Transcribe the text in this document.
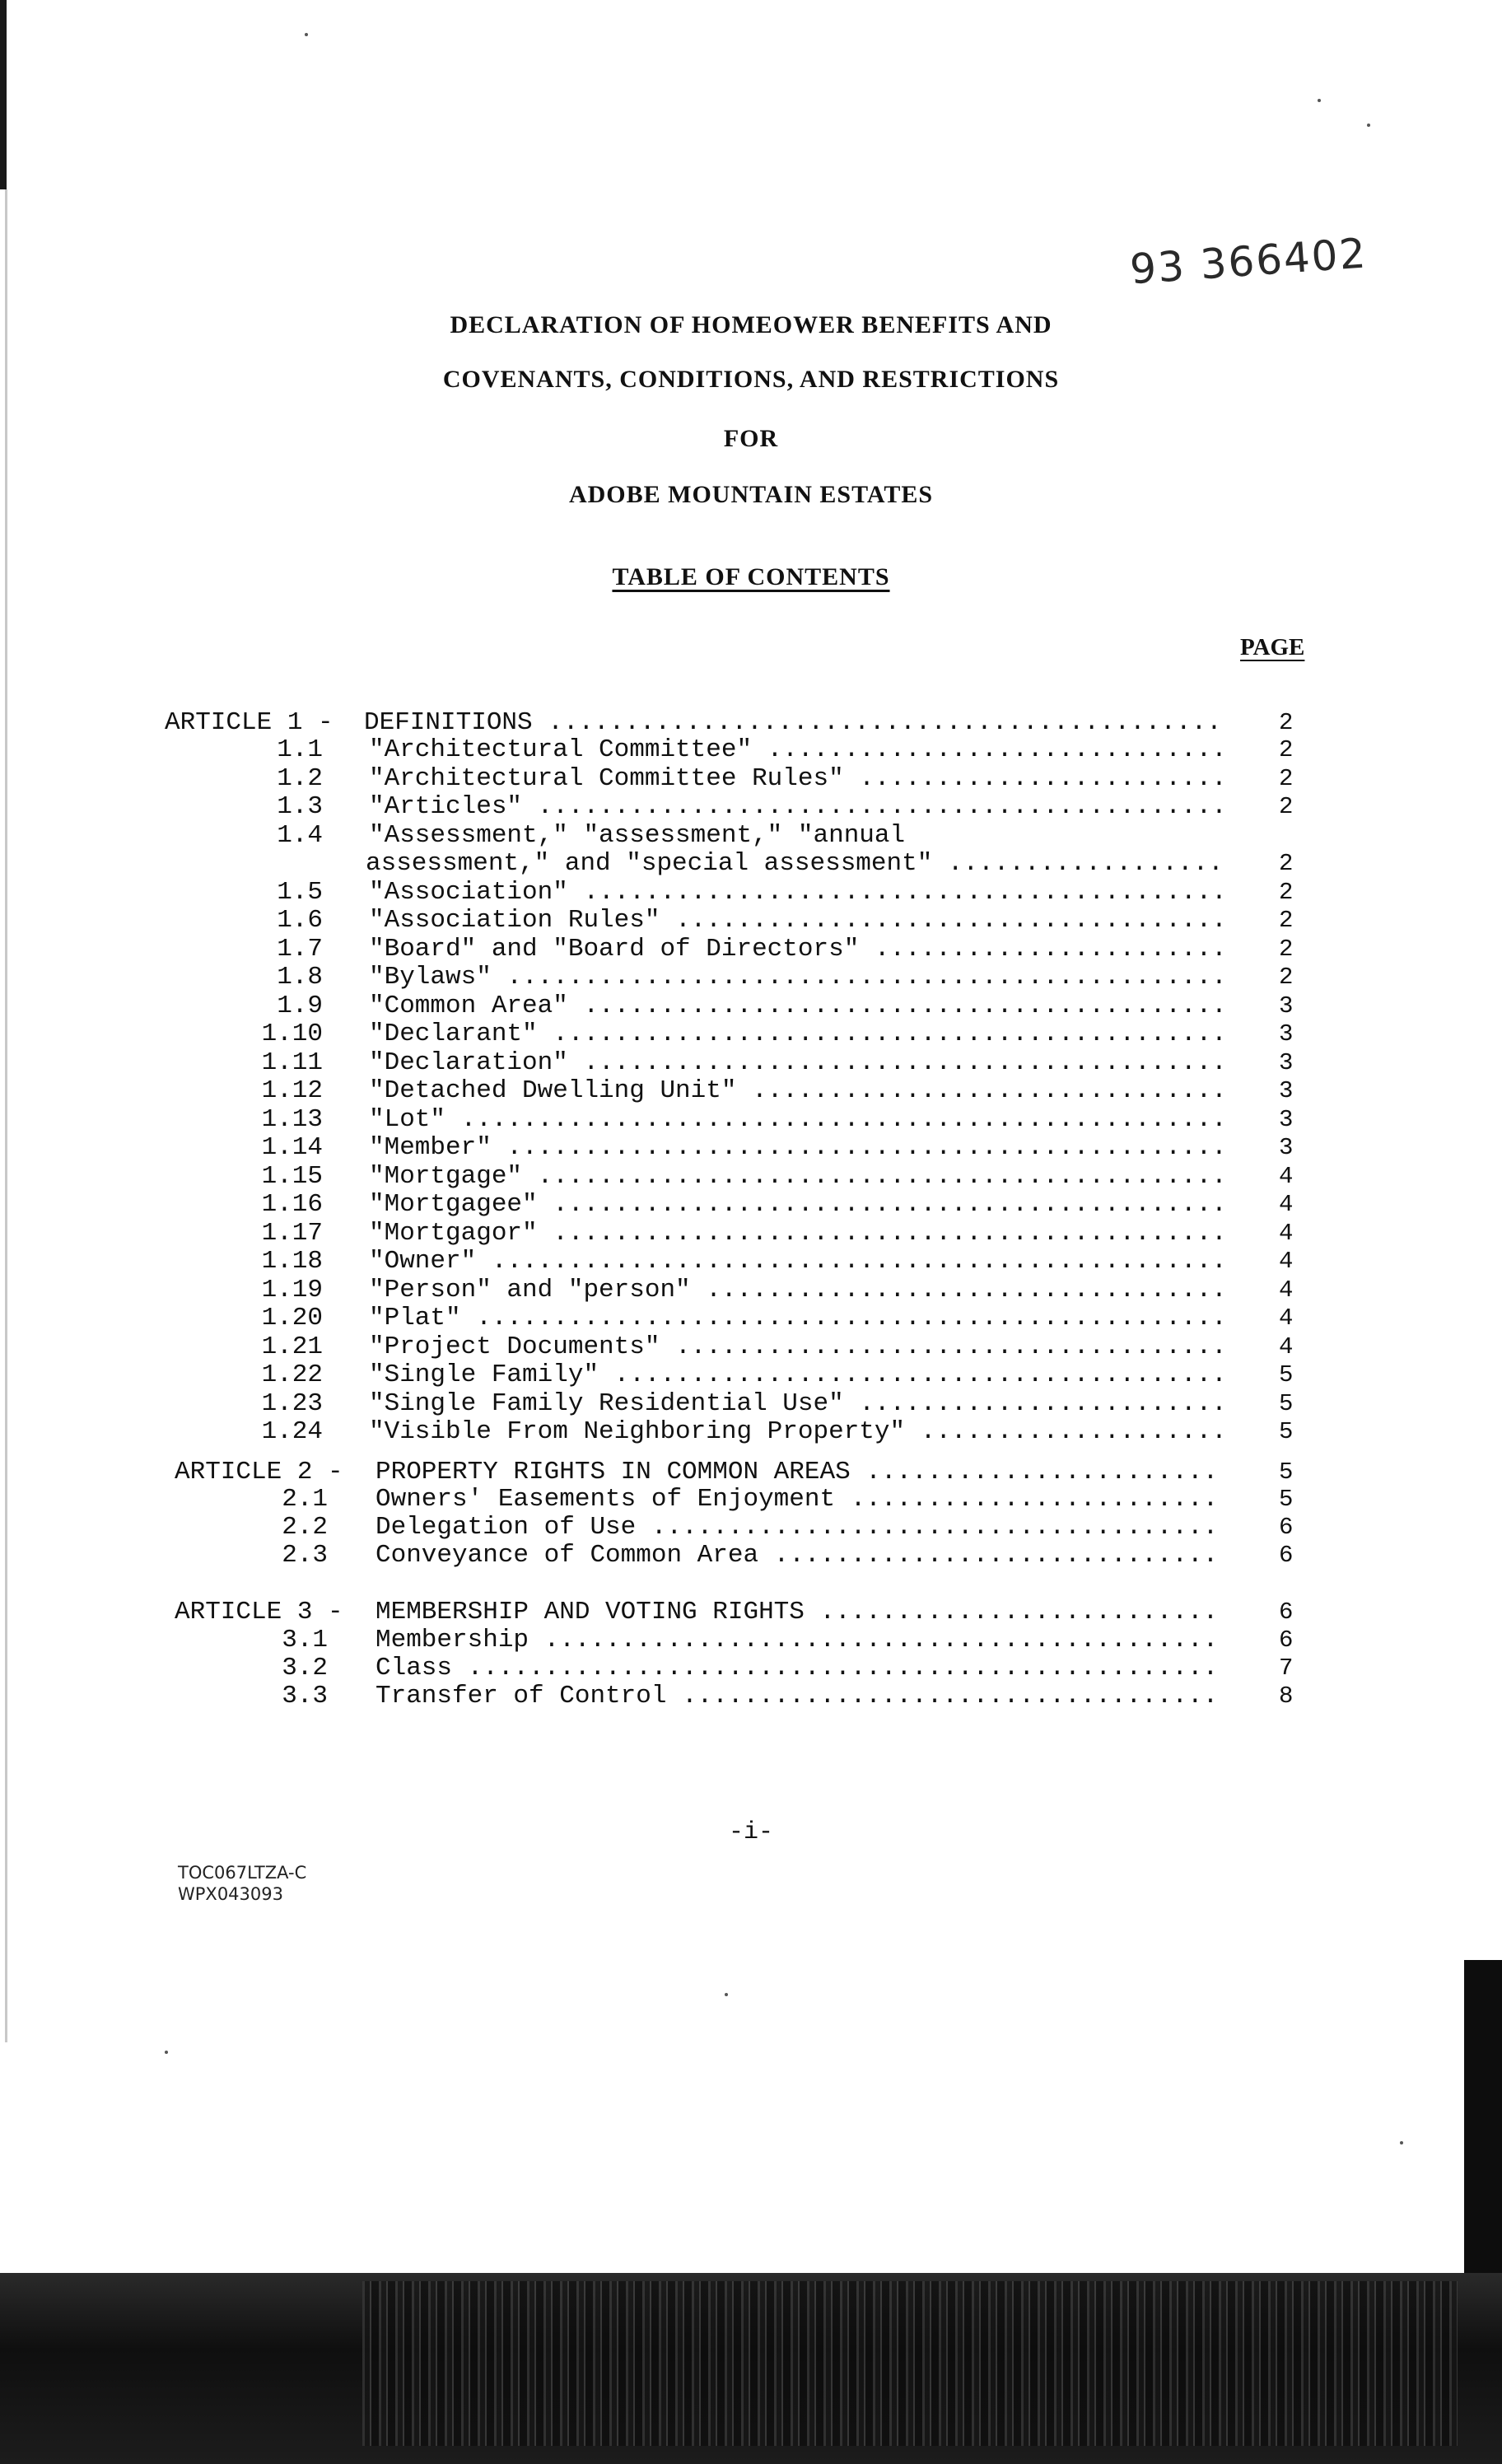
93 366402
DECLARATION OF HOMEOWER BENEFITS AND
COVENANTS, CONDITIONS, AND RESTRICTIONS
FOR
ADOBE MOUNTAIN ESTATES
TABLE OF CONTENTS
PAGE
ARTICLE 1 - DEFINITIONS .....	2
1.1 "Architectural Committee" .....	2
1.2 "Architectural Committee Rules" .....	2
1.3 "Articles" .....	2
1.4 "Assessment," "assessment," "annual
assessment," and "special assessment" .....	2
1.5 "Association" .....	2
1.6 "Association Rules" .....	2
1.7 "Board" and "Board of Directors" .....	2
1.8 "Bylaws" .....	2
1.9 "Common Area" .....	3
1.10 "Declarant" .....	3
1.11 "Declaration" .....	3
1.12 "Detached Dwelling Unit" .....	3
1.13 "Lot" .....	3
1.14 "Member" .....	3
1.15 "Mortgage" .....	4
1.16 "Mortgagee" .....	4
1.17 "Mortgagor" .....	4
1.18 "Owner" .....	4
1.19 "Person" and "person" .....	4
1.20 "Plat" .....	4
1.21 "Project Documents" .....	4
1.22 "Single Family" .....	5
1.23 "Single Family Residential Use" .....	5
1.24 "Visible From Neighboring Property" .....	5
ARTICLE 2 - PROPERTY RIGHTS IN COMMON AREAS .....	5
2.1 Owners' Easements of Enjoyment .....	5
2.2 Delegation of Use .....	6
2.3 Conveyance of Common Area .....	6
ARTICLE 3 - MEMBERSHIP AND VOTING RIGHTS .....	6
3.1 Membership .....	6
3.2 Class .....	7
3.3 Transfer of Control .....	8
-i-
TOC067LTZA-C
WPX043093
